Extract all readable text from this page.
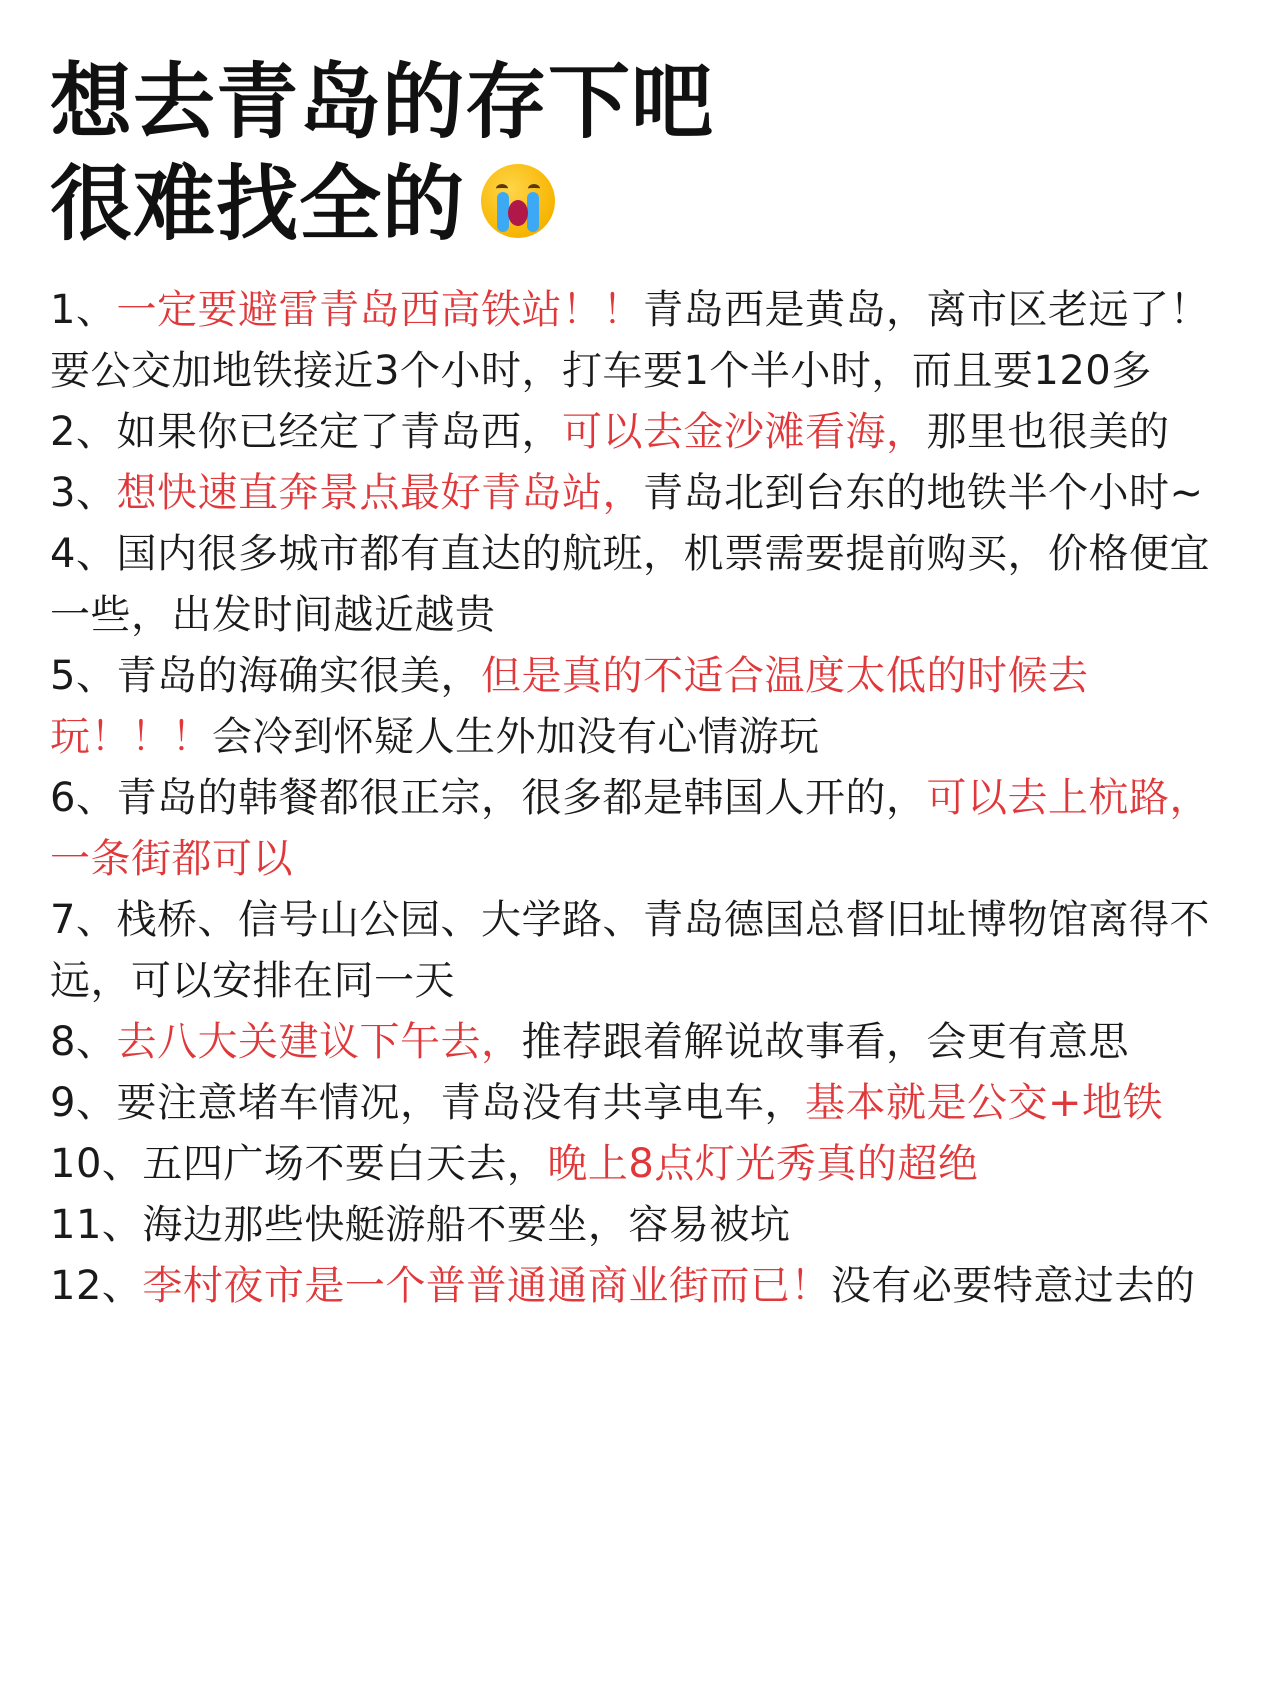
想去青岛的存下吧
很难找全的
1、一定要避雷青岛西高铁站！！青岛西是黄岛，离市区老远了！要公交加地铁接近3个小时，打车要1个半小时，而且要120多
2、如果你已经定了青岛西，可以去金沙滩看海，那里也很美的
3、想快速直奔景点最好青岛站，青岛北到台东的地铁半个小时~
4、国内很多城市都有直达的航班，机票需要提前购买，价格便宜一些，出发时间越近越贵
5、青岛的海确实很美，但是真的不适合温度太低的时候去玩！！！会冷到怀疑人生外加没有心情游玩
6、青岛的韩餐都很正宗，很多都是韩国人开的，可以去上杭路，一条街都可以
7、栈桥、信号山公园、大学路、青岛德国总督旧址博物馆离得不远，可以安排在同一天
8、去八大关建议下午去，推荐跟着解说故事看，会更有意思
9、要注意堵车情况，青岛没有共享电车，基本就是公交+地铁
10、五四广场不要白天去，晚上8点灯光秀真的超绝
11、海边那些快艇游船不要坐，容易被坑
12、李村夜市是一个普普通通商业街而已！没有必要特意过去的
